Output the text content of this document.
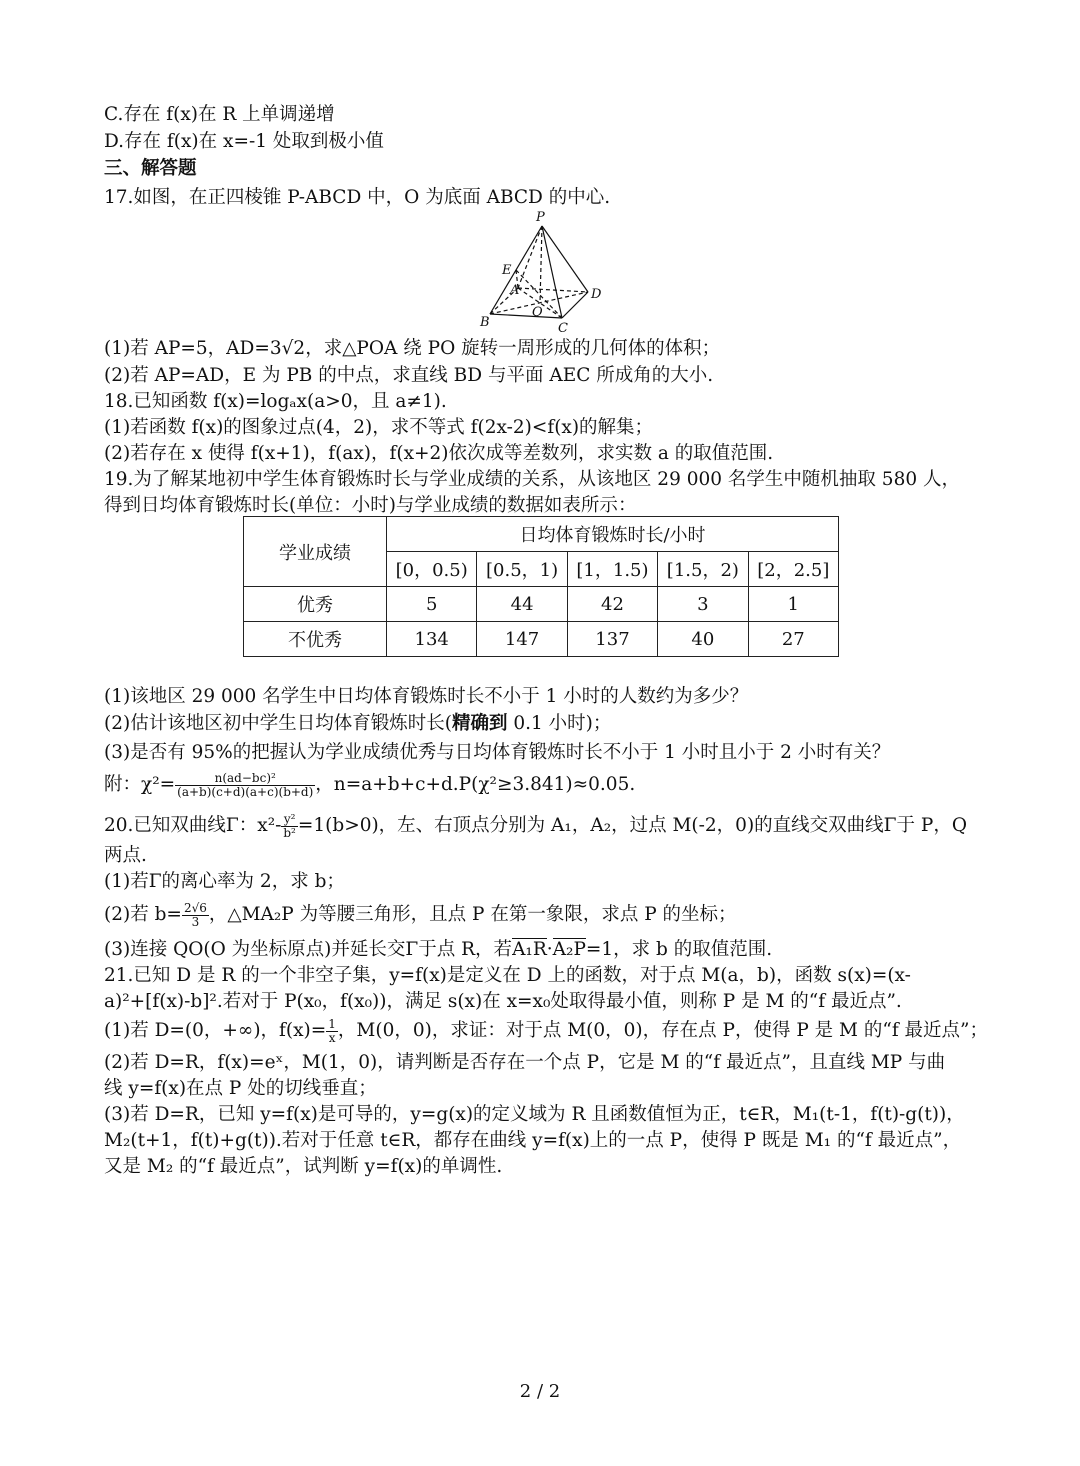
C.存在 f(x)在 R 上单调递增
D.存在 f(x)在 x=-1 处取到极小值
三、解答题
17.如图，在正四棱锥 P-ABCD 中，O 为底面 ABCD 的中心.
P
E
A	D
B
O
C
(1)若 AP=5，AD=3√2，求△POA 绕 PO 旋转一周形成的几何体的体积；
(2)若 AP=AD，E 为 PB 的中点，求直线 BD 与平面 AEC 所成角的大小.
18.已知函数 f(x)=logₐx(a>0，且 a≠1).
(1)若函数 f(x)的图象过点(4，2)，求不等式 f(2x-2)<f(x)的解集；
(2)若存在 x 使得 f(x+1)，f(ax)，f(x+2)依次成等差数列，求实数 a 的取值范围.
19.为了解某地初中学生体育锻炼时长与学业成绩的关系，从该地区 29 000 名学生中随机抽取 580 人，
得到日均体育锻炼时长(单位：小时)与学业成绩的数据如表所示：
学业成绩	日均体育锻炼时长/小时				
	[0，0.5)	[0.5，1)	[1，1.5)	[1.5，2)	[2，2.5]
优秀	5	44	42	3	1
不优秀	134	147	137	40	27
(1)该地区 29 000 名学生中日均体育锻炼时长不小于 1 小时的人数约为多少？
(2)估计该地区初中学生日均体育锻炼时长(精确到 0.1 小时)；
(3)是否有 95%的把握认为学业成绩优秀与日均体育锻炼时长不小于 1 小时且小于 2 小时有关？
附：$\chi^2= \frac{\text{n(ad−bc)²}}{(a+b)(c+d)(a+c)(b+d)}$ ，n=a+b+c+d.P(χ²≥3.841)≈0.05.
20.已知双曲线Γ：$x^2- \frac{\text{y²}}{\text{b²}} =1(b>0)$，左、右顶点分别为 A₁，A₂，过点 M(-2，0)的直线交双曲线Γ于 P，Q
两点.
(1)若Γ的离心率为 2，求 b；
(2)若 $b= \frac{2√6}{3}$ ，△MA₂P 为等腰三角形，且点 P 在第一象限，求点 P 的坐标；
(3)连接 QO(O 为坐标原点)并延长交Γ于点 R，若A₁R·A₂P=1，求 b 的取值范围.
21.已知 D 是 R 的一个非空子集，y=f(x)是定义在 D 上的函数，对于点 M(a，b)，函数 s(x)=(x-
a)²+[f(x)-b]².若对于 P(x₀，f(x₀))，满足 s(x)在 x=x₀处取得最小值，则称 P 是 M 的“f 最近点”.
(1)若 D=(0，+∞)，$f(x)= \frac{1}{x}$ ，M(0，0)，求证：对于点 M(0，0)，存在点 P，使得 P 是 M 的“f 最近点”；
(2)若 D=R，f(x)=eˣ，M(1，0)，请判断是否存在一个点 P，它是 M 的“f 最近点”，且直线 MP 与曲
线 y=f(x)在点 P 处的切线垂直；
(3)若 D=R，已知 y=f(x)是可导的，y=g(x)的定义域为 R 且函数值恒为正，t∈R，M₁(t-1，f(t)-g(t))，
M₂(t+1，f(t)+g(t)).若对于任意 t∈R，都存在曲线 y=f(x)上的一点 P，使得 P 既是 M₁ 的“f 最近点”，
又是 M₂ 的“f 最近点”，试判断 y=f(x)的单调性.
2 / 2
